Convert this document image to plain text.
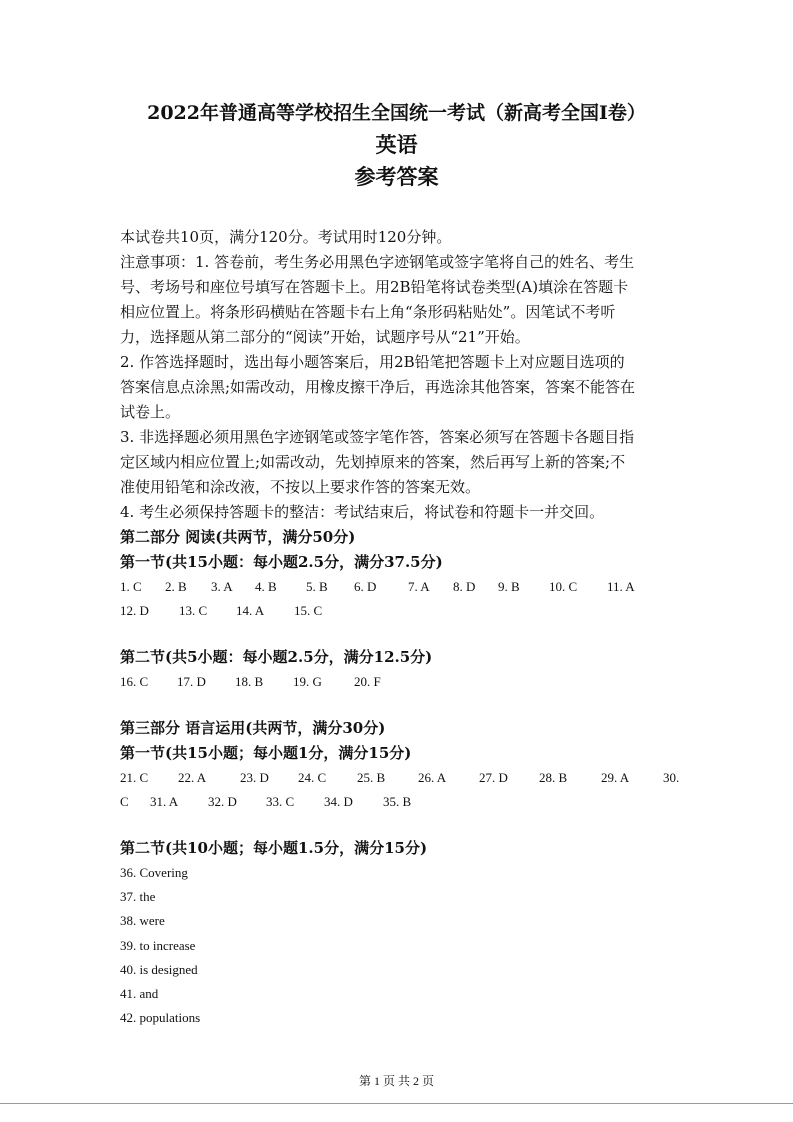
2022年普通高等学校招生全国统一考试（新高考全国Ⅰ卷）
英语
参考答案
本试卷共10页，满分120分。考试用时120分钟。
注意事项：1. 答卷前，考生务必用黑色字迹钢笔或签字笔将自己的姓名、考生
号、考场号和座位号填写在答题卡上。用2B铅笔将试卷类型(A)填涂在答题卡
相应位置上。将条形码横贴在答题卡右上角“条形码粘贴处”。因笔试不考听
力，选择题从第二部分的“阅读”开始，试题序号从“21”开始。
2. 作答选择题时，选出每小题答案后，用2B铅笔把答题卡上对应题目选项的
答案信息点涂黑;如需改动，用橡皮擦干净后，再选涂其他答案，答案不能答在
试卷上。
3. 非选择题必须用黑色字迹钢笔或签字笔作答，答案必须写在答题卡各题目指
定区域内相应位置上;如需改动，先划掉原来的答案，然后再写上新的答案;不
准使用铅笔和涂改液，不按以上要求作答的答案无效。
4. 考生必须保持答题卡的整洁：考试结束后，将试卷和符题卡一并交回。
第二部分 阅读(共两节，满分50分)
第一节(共15小题：每小题2.5分，满分37.5分)
1. C 2. B 3. A 4. B 5. B 6. D 7. A 8. D 9. B 10. C 11. A
12. D 13. C 14. A 15. C
第二节(共5小题：每小题2.5分，满分12.5分)
16. C 17. D 18. B 19. G 20. F
第三部分 语言运用(共两节，满分30分)
第一节(共15小题；每小题1分，满分15分)
21. C 22. A	23. D 24. C 25. B	26. A	27. D 28. B	29. A	30.
C 31. A 32. D 33. C 34. D 35. B
第二节(共10小题；每小题1.5分，满分15分)
36. Covering
37. the
38. were
39. to increase
40. is designed
41. and
42. populations
第 1 页 共 2 页
